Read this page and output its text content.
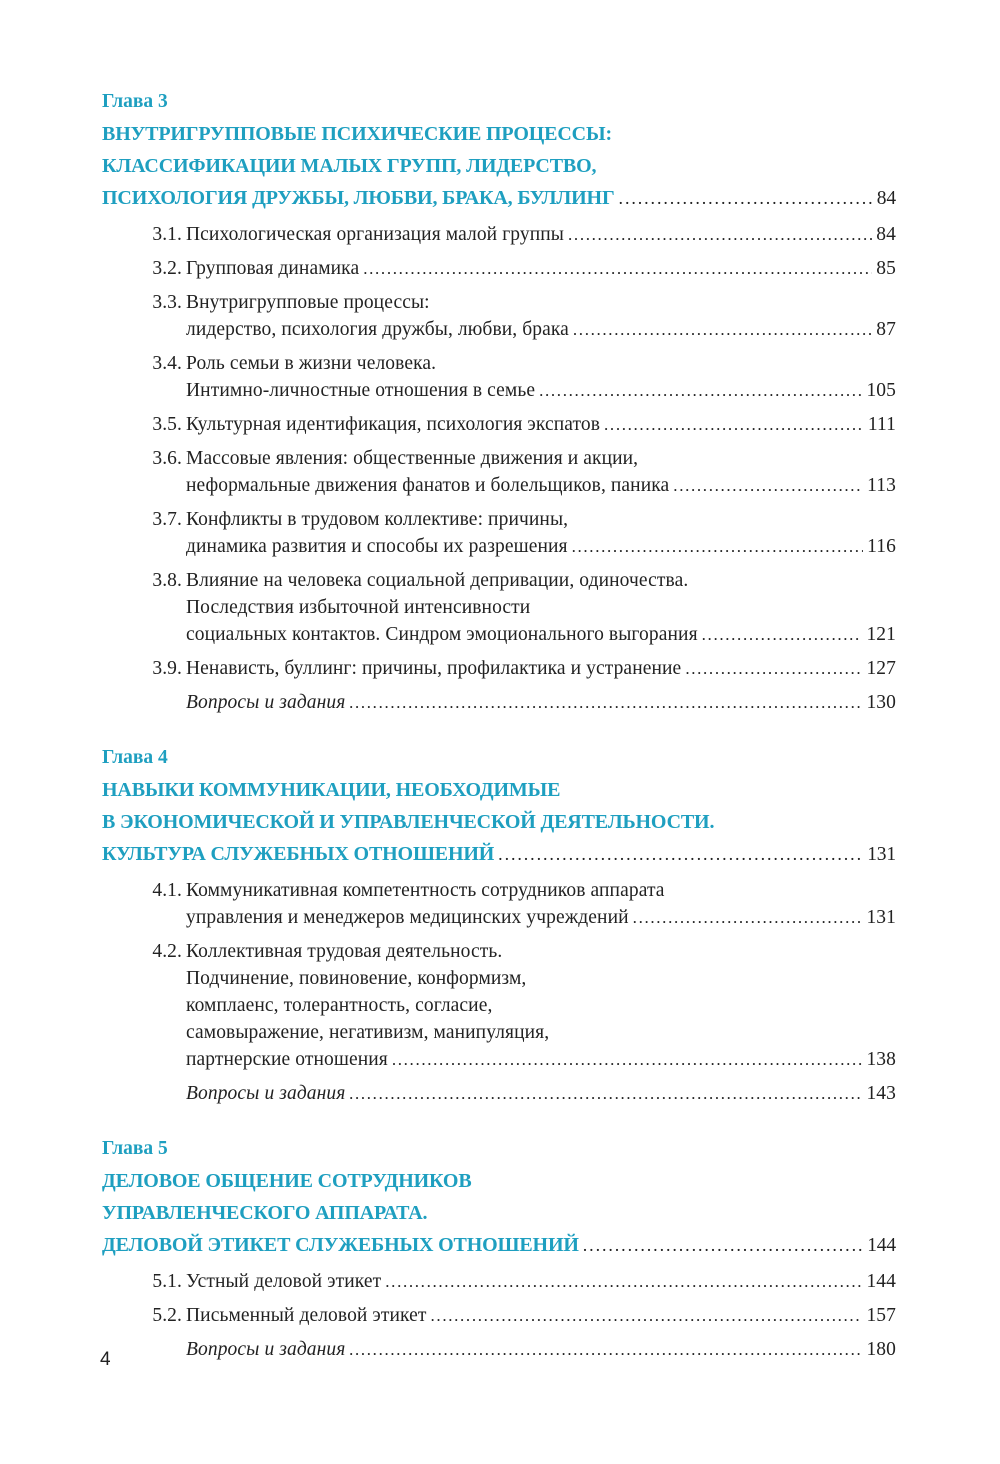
Глава 3
ВНУТРИГРУППОВЫЕ ПСИХИЧЕСКИЕ ПРОЦЕССЫ:
КЛАССИФИКАЦИИ МАЛЫХ ГРУПП, ЛИДЕРСТВО,
ПСИХОЛОГИЯ ДРУЖБЫ, ЛЮБВИ, БРАКА, БУЛЛИНГ . . .	84
3.1. Психологическая организация малой группы . . .	84
3.2. Групповая динамика . . .	85
3.3. Внутригрупповые процессы:
лидерство, психология дружбы, любви, брака . . .	87
3.4. Роль семьи в жизни человека.
Интимно-личностные отношения в семье . . .	105
3.5. Культурная идентификация, психология экспатов . . .	111
3.6. Массовые явления: общественные движения и акции,
неформальные движения фанатов и болельщиков, паника . . .	113
3.7. Конфликты в трудовом коллективе: причины,
динамика развития и способы их разрешения . . .	116
3.8. Влияние на человека социальной депривации, одиночества.
Последствия избыточной интенсивности
социальных контактов. Синдром эмоционального выгорания . . .	121
3.9. Ненависть, буллинг: причины, профилактика и устранение . . .	127
Вопросы и задания . . .	130
Глава 4
НАВЫКИ КОММУНИКАЦИИ, НЕОБХОДИМЫЕ
В ЭКОНОМИЧЕСКОЙ И УПРАВЛЕНЧЕСКОЙ ДЕЯТЕЛЬНОСТИ.
КУЛЬТУРА СЛУЖЕБНЫХ ОТНОШЕНИЙ . . .	131
4.1. Коммуникативная компетентность сотрудников аппарата
управления и менеджеров медицинских учреждений . . .	131
4.2. Коллективная трудовая деятельность.
Подчинение, повиновение, конформизм,
комплаенс, толерантность, согласие,
самовыражение, негативизм, манипуляция,
партнерские отношения . . .	138
Вопросы и задания . . .	143
Глава 5
ДЕЛОВОЕ ОБЩЕНИЕ СОТРУДНИКОВ
УПРАВЛЕНЧЕСКОГО АППАРАТА.
ДЕЛОВОЙ ЭТИКЕТ СЛУЖЕБНЫХ ОТНОШЕНИЙ . . .	144
5.1. Устный деловой этикет . . .	144
5.2. Письменный деловой этикет . . .	157
Вопросы и задания . . .	180
4
